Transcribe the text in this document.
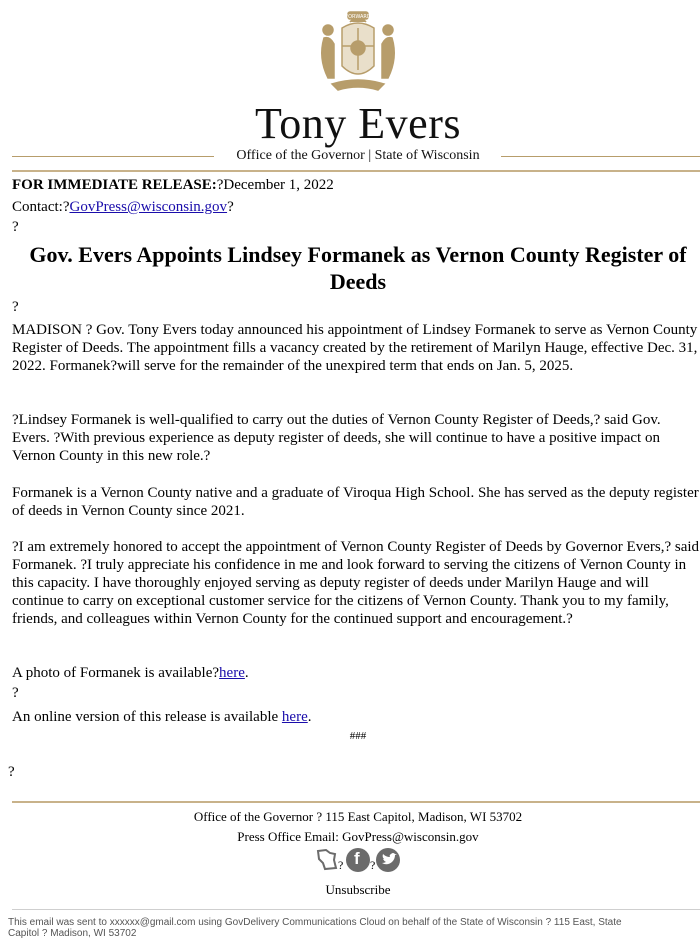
FORWARD
Tony Evers
Office of the Governor | State of Wisconsin
FOR IMMEDIATE RELEASE:?December 1, 2022
Contact:?GovPress@wisconsin.gov?
?
Gov. Evers Appoints Lindsey Formanek as Vernon County Register of Deeds
?
MADISON ? Gov. Tony Evers today announced his appointment of Lindsey Formanek to serve as Vernon County Register of Deeds. The appointment fills a vacancy created by the retirement of Marilyn Hauge, effective Dec. 31, 2022. Formanek?will serve for the remainder of the unexpired term that ends on Jan. 5, 2025.
?Lindsey Formanek is well-qualified to carry out the duties of Vernon County Register of Deeds,? said Gov. Evers. ?With previous experience as deputy register of deeds, she will continue to have a positive impact on Vernon County in this new role.?
Formanek is a Vernon County native and a graduate of Viroqua High School. She has served as the deputy register of deeds in Vernon County since 2021.
?I am extremely honored to accept the appointment of Vernon County Register of Deeds by Governor Evers,? said Formanek. ?I truly appreciate his confidence in me and look forward to serving the citizens of Vernon County in this capacity. I have thoroughly enjoyed serving as deputy register of deeds under Marilyn Hauge and will continue to carry on exceptional customer service for the citizens of Vernon County. Thank you to my family, friends, and colleagues within Vernon County for the continued support and encouragement.?
A photo of Formanek is available?here.
?
An online version of this release is available here.
###
?
Office of the Governor ? 115 East Capitol, Madison, WI 53702
Press Office Email: GovPress@wisconsin.gov
? f ?
Unsubscribe
This email was sent to xxxxxx@gmail.com using GovDelivery Communications Cloud on behalf of the State of Wisconsin ? 115 East, State Capitol ? Madison, WI 53702
